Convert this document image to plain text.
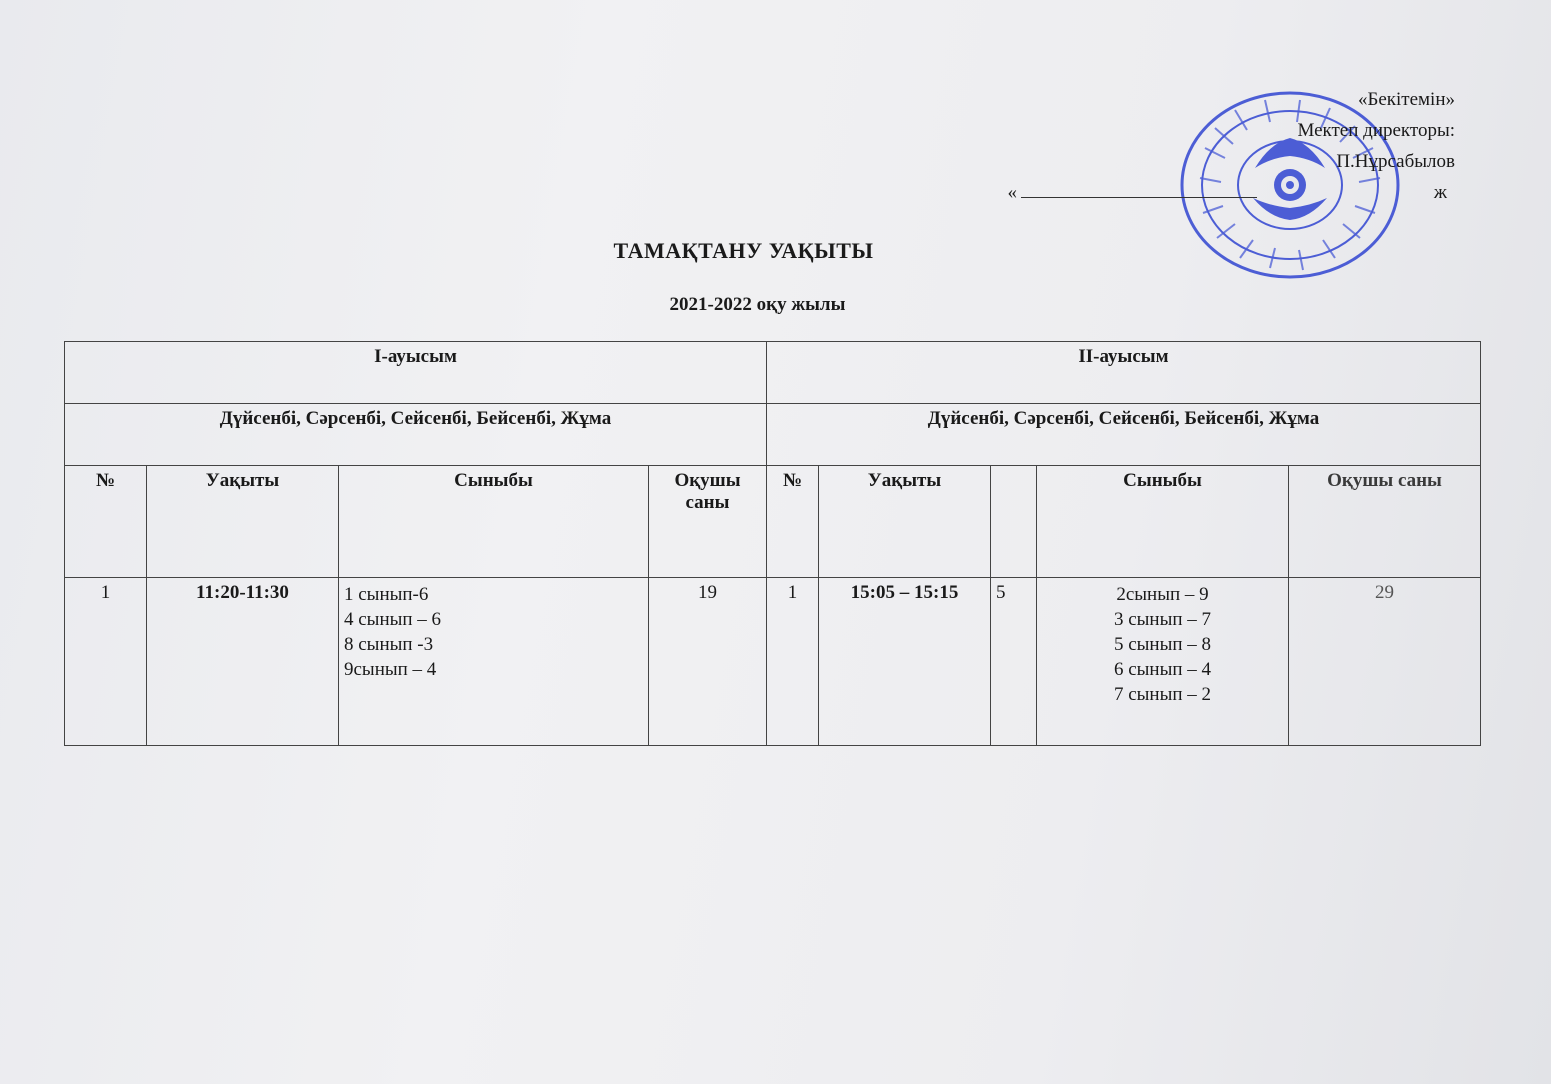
«Бекітемін»
Мектеп директоры:
П.Нұрсабылов
«	ж
ТАМАҚТАНУ УАҚЫТЫ
2021-2022 оқу жылы
I-ауысым				II-ауысым				
Дүйсенбі, Сәрсенбі, Сейсенбі, Бейсенбі, Жұма				Дүйсенбі, Сәрсенбі, Сейсенбі, Бейсенбі, Жұма				
№	Уақыты	Сыныбы	Оқушы саны	№	Уақыты		Сыныбы	Оқушы саны
1	11:20-11:30	1 сынып-6
4 сынып – 6
8 сынып -3
9сынып – 4	19	1	15:05 – 15:15	5	2сынып – 9
3 сынып – 7
5 сынып – 8
6 сынып – 4
7 сынып – 2	29
